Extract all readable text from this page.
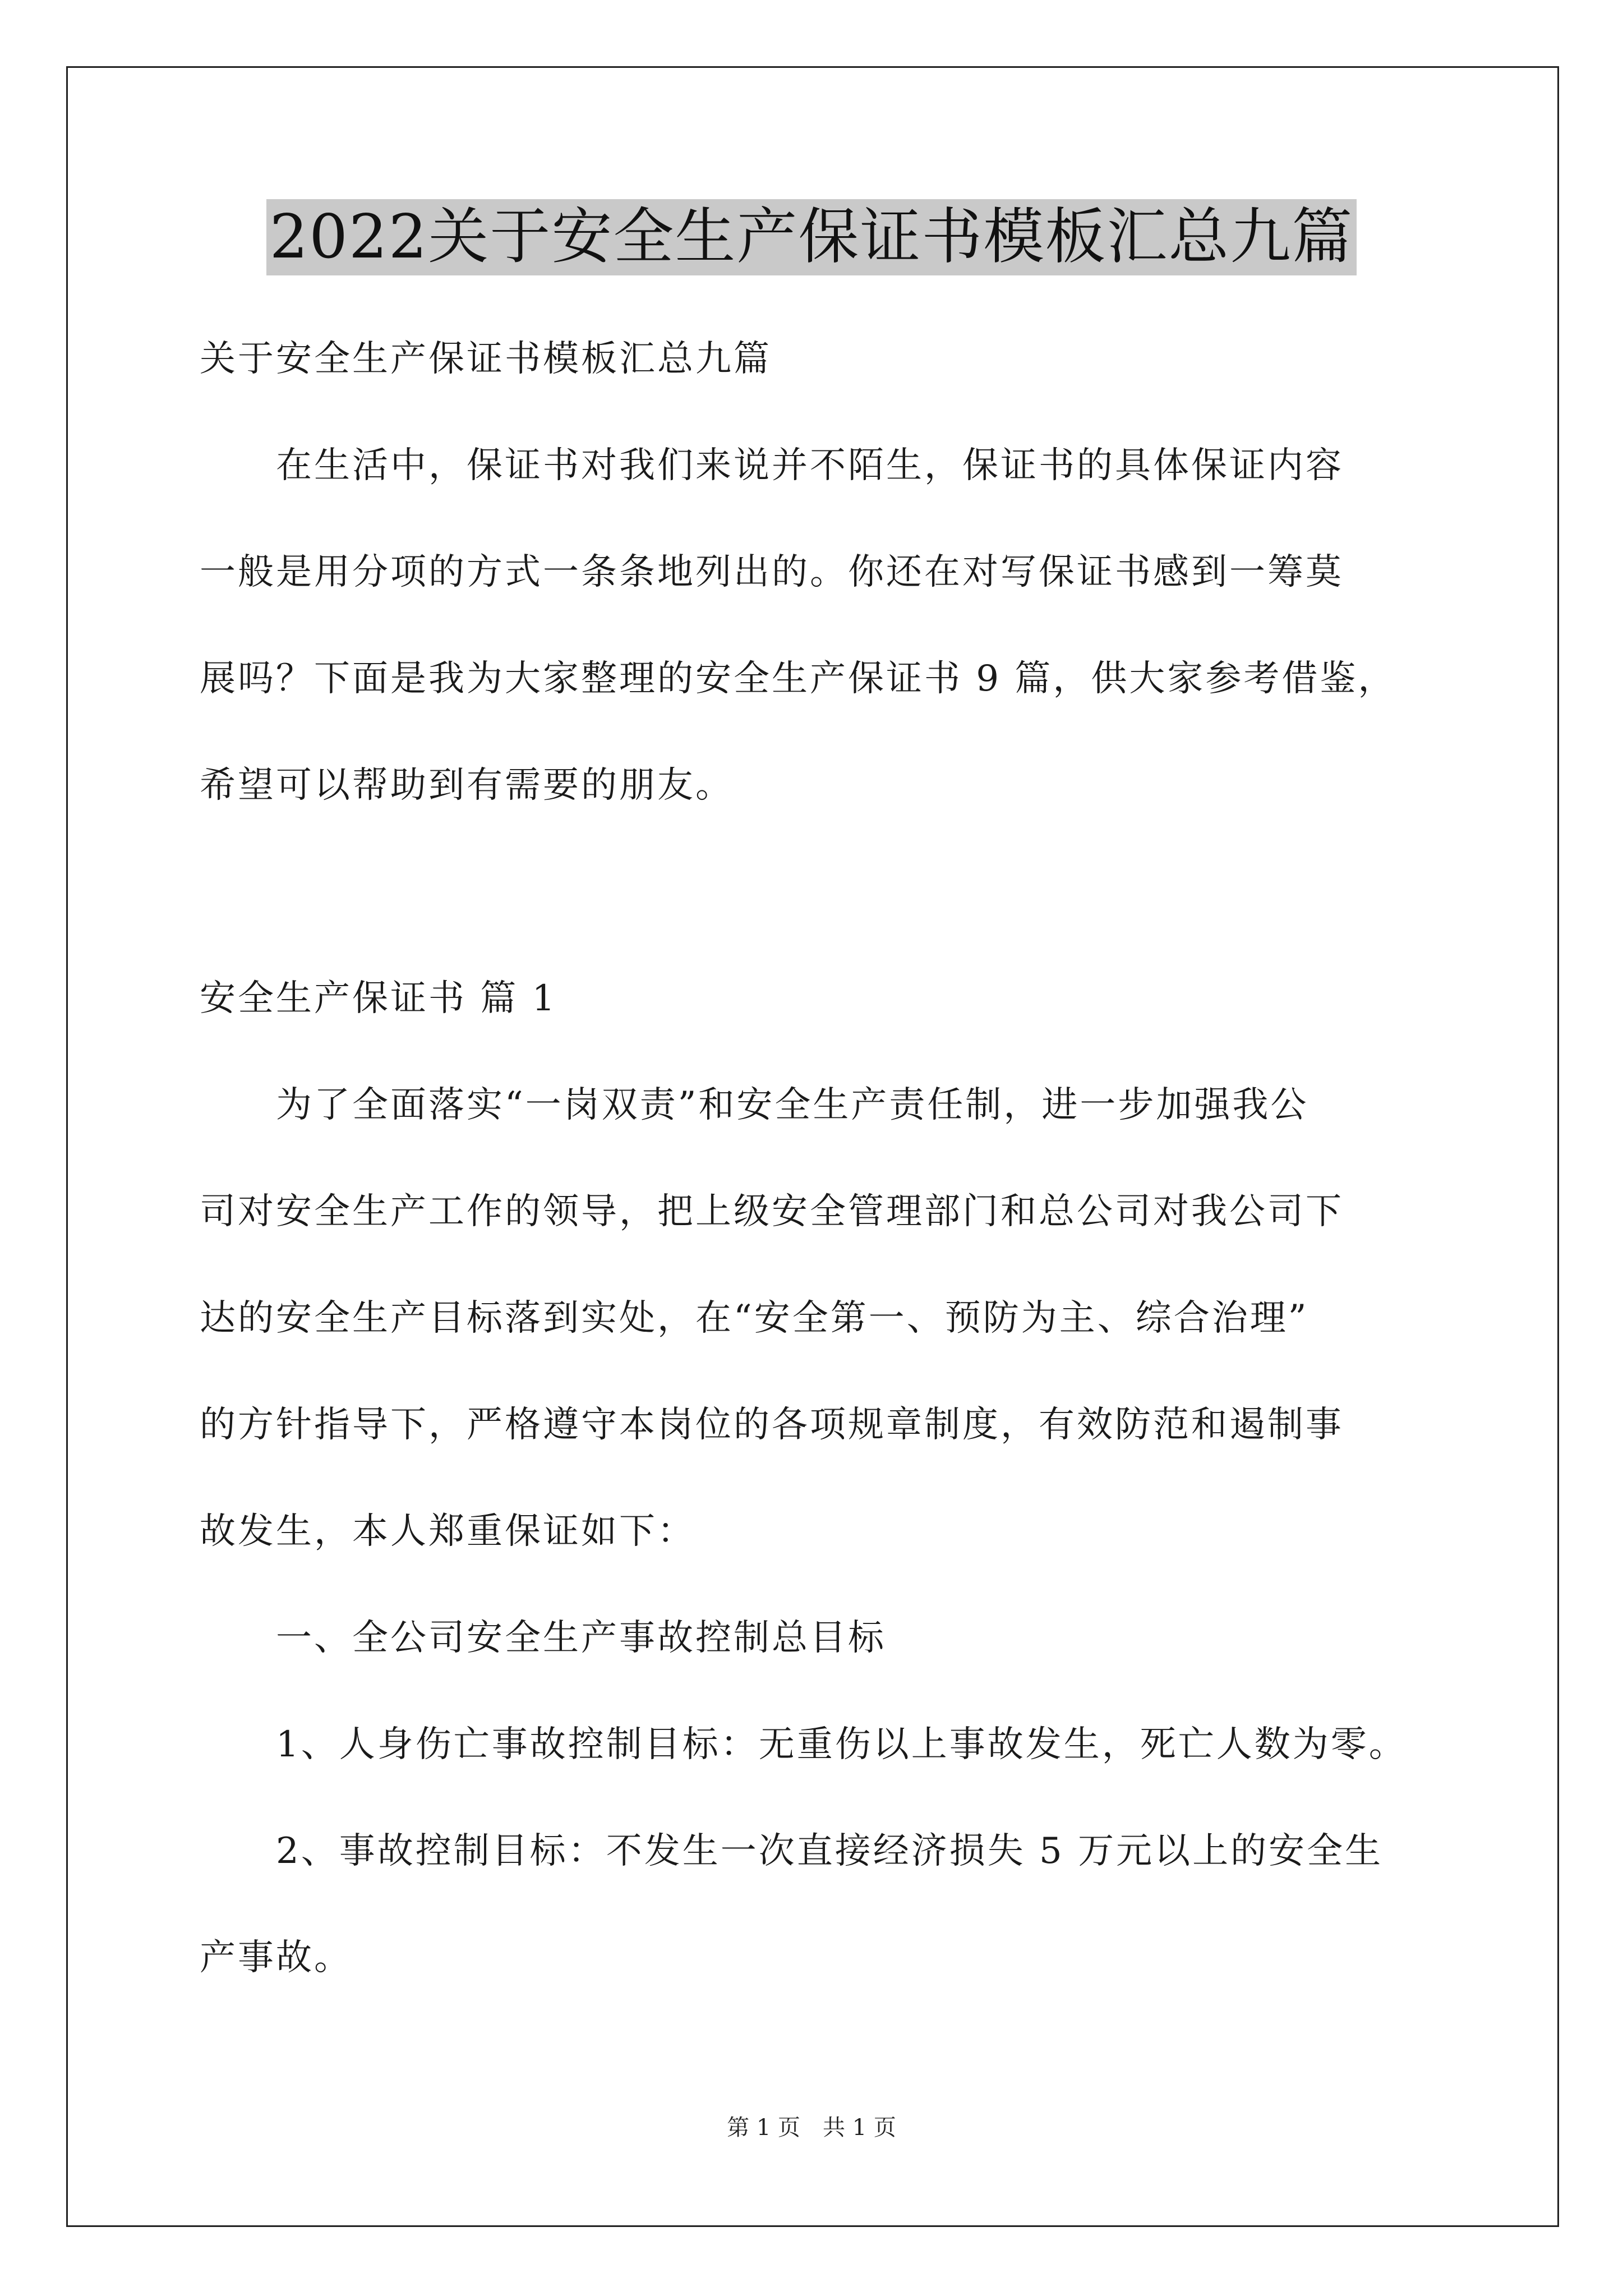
2022关于安全生产保证书模板汇总九篇
关于安全生产保证书模板汇总九篇
　　在生活中，保证书对我们来说并不陌生，保证书的具体保证内容
一般是用分项的方式一条条地列出的。你还在对写保证书感到一筹莫
展吗？下面是我为大家整理的安全生产保证书 9 篇，供大家参考借鉴，
希望可以帮助到有需要的朋友。
安全生产保证书 篇 1
　　为了全面落实“一岗双责”和安全生产责任制，进一步加强我公
司对安全生产工作的领导，把上级安全管理部门和总公司对我公司下
达的安全生产目标落到实处，在“安全第一、预防为主、综合治理”
的方针指导下，严格遵守本岗位的各项规章制度，有效防范和遏制事
故发生，本人郑重保证如下：
　　一、全公司安全生产事故控制总目标
　　1、人身伤亡事故控制目标：无重伤以上事故发生，死亡人数为零。
　　2、事故控制目标：不发生一次直接经济损失 5 万元以上的安全生
产事故。
第 1 页　共 1 页
